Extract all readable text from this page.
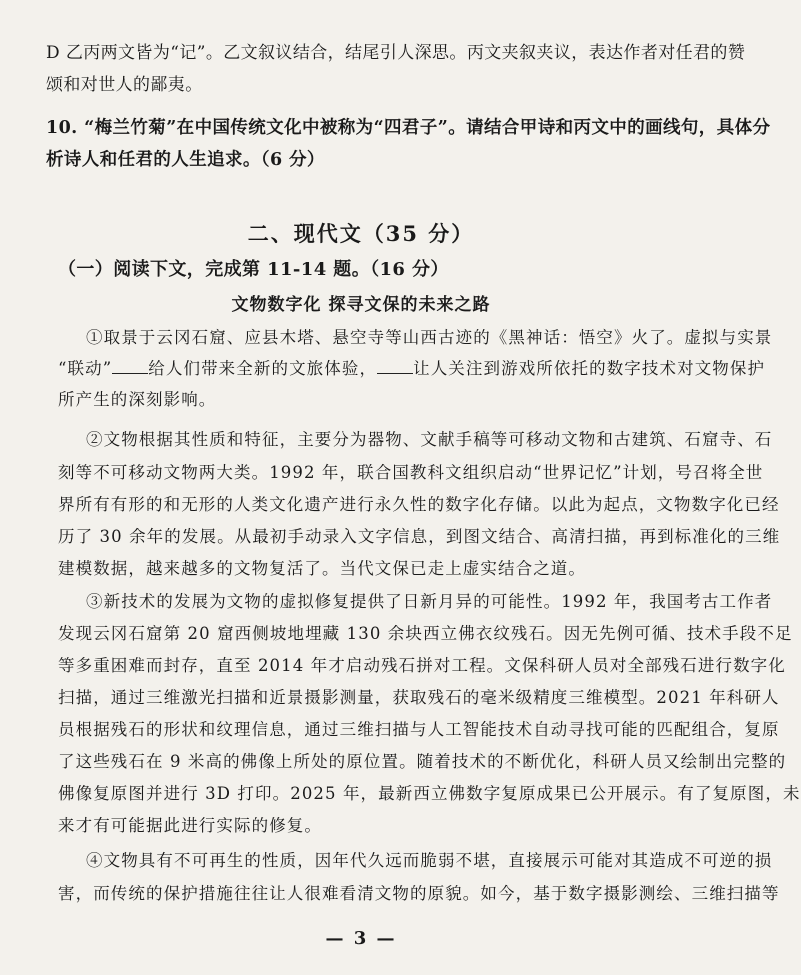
D 乙丙两文皆为“记”。乙文叙议结合，结尾引人深思。丙文夹叙夹议，表达作者对任君的赞
颂和对世人的鄙夷。
10. “梅兰竹菊”在中国传统文化中被称为“四君子”。请结合甲诗和丙文中的画线句，具体分
析诗人和任君的人生追求。（6 分）
二、现代文（35 分）
（一）阅读下文，完成第 11-14 题。（16 分）
文物数字化 探寻文保的未来之路
①取景于云冈石窟、应县木塔、悬空寺等山西古迹的《黑神话：悟空》火了。虚拟与实景
“联动” 给人们带来全新的文旅体验， 让人关注到游戏所依托的数字技术对文物保护
所产生的深刻影响。
②文物根据其性质和特征，主要分为器物、文献手稿等可移动文物和古建筑、石窟寺、石
刻等不可移动文物两大类。1992 年，联合国教科文组织启动“世界记忆”计划，号召将全世
界所有有形的和无形的人类文化遗产进行永久性的数字化存储。以此为起点，文物数字化已经
历了 30 余年的发展。从最初手动录入文字信息，到图文结合、高清扫描，再到标准化的三维
建模数据，越来越多的文物复活了。当代文保已走上虚实结合之道。
③新技术的发展为文物的虚拟修复提供了日新月异的可能性。1992 年，我国考古工作者
发现云冈石窟第 20 窟西侧坡地埋藏 130 余块西立佛衣纹残石。因无先例可循、技术手段不足
等多重困难而封存，直至 2014 年才启动残石拼对工程。文保科研人员对全部残石进行数字化
扫描，通过三维激光扫描和近景摄影测量，获取残石的毫米级精度三维模型。2021 年科研人
员根据残石的形状和纹理信息，通过三维扫描与人工智能技术自动寻找可能的匹配组合，复原
了这些残石在 9 米高的佛像上所处的原位置。随着技术的不断优化，科研人员又绘制出完整的
佛像复原图并进行 3D 打印。2025 年，最新西立佛数字复原成果已公开展示。有了复原图，未
来才有可能据此进行实际的修复。
④文物具有不可再生的性质，因年代久远而脆弱不堪，直接展示可能对其造成不可逆的损
害，而传统的保护措施往往让人很难看清文物的原貌。如今，基于数字摄影测绘、三维扫描等
— 3 —
